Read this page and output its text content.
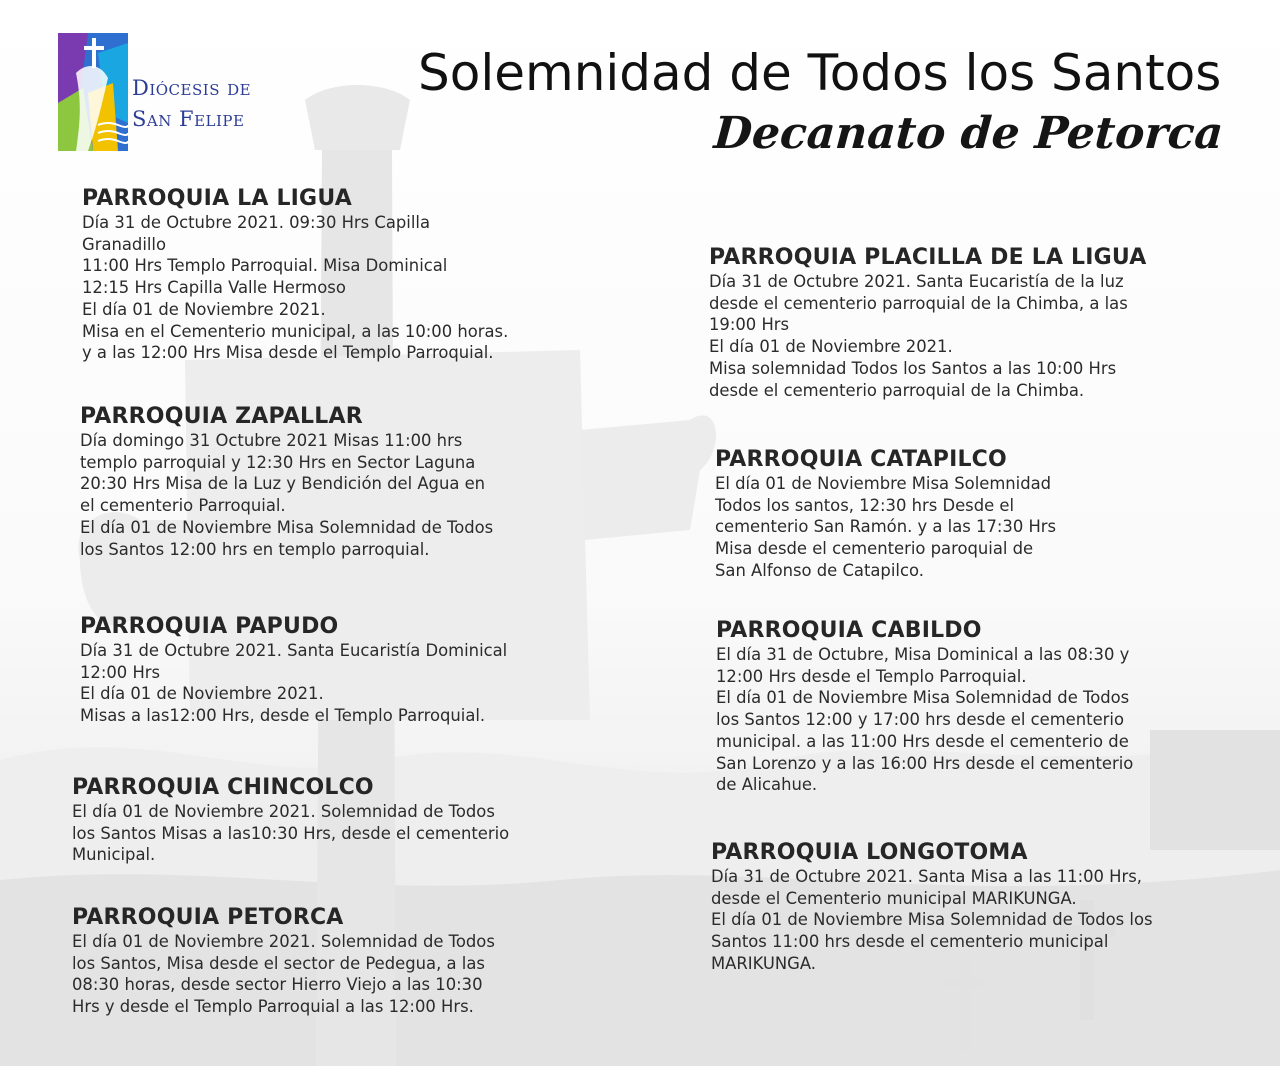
Diócesis de
San Felipe
Solemnidad de Todos los Santos
Decanato de Petorca
PARROQUIA LA LIGUA
Día 31 de Octubre 2021. 09:30 Hrs Capilla
Granadillo
11:00 Hrs Templo Parroquial. Misa Dominical
12:15 Hrs Capilla Valle Hermoso
El día 01 de Noviembre 2021.
Misa en el Cementerio municipal, a las 10:00 horas.
y a las 12:00 Hrs Misa desde el Templo Parroquial.
PARROQUIA ZAPALLAR
Día domingo 31 Octubre 2021 Misas 11:00 hrs
templo parroquial y 12:30 Hrs en Sector Laguna
20:30 Hrs Misa de la Luz y Bendición del Agua en
el cementerio Parroquial.
El día 01 de Noviembre Misa Solemnidad de Todos
los Santos 12:00 hrs en templo parroquial.
PARROQUIA PAPUDO
Día 31 de Octubre 2021. Santa Eucaristía Dominical
12:00 Hrs
El día 01 de Noviembre 2021.
Misas a las12:00 Hrs, desde el Templo Parroquial.
PARROQUIA CHINCOLCO
El día 01 de Noviembre 2021. Solemnidad de Todos
los Santos Misas a las10:30 Hrs, desde el cementerio
Municipal.
PARROQUIA PETORCA
El día 01 de Noviembre 2021. Solemnidad de Todos
los Santos, Misa desde el sector de Pedegua, a las
08:30 horas, desde sector Hierro Viejo a las 10:30
Hrs y desde el Templo Parroquial a las 12:00 Hrs.
PARROQUIA PLACILLA DE LA LIGUA
Día 31 de Octubre 2021. Santa Eucaristía de la luz
desde el cementerio parroquial de la Chimba, a las
19:00 Hrs
El día 01 de Noviembre 2021.
Misa solemnidad Todos los Santos a las 10:00 Hrs
desde el cementerio parroquial de la Chimba.
PARROQUIA CATAPILCO
El día 01 de Noviembre Misa Solemnidad
Todos los santos, 12:30 hrs Desde el
cementerio San Ramón. y a las 17:30 Hrs
Misa desde el cementerio paroquial de
San Alfonso de Catapilco.
PARROQUIA CABILDO
El día 31 de Octubre, Misa Dominical a las 08:30 y
12:00 Hrs desde el Templo Parroquial.
El día 01 de Noviembre Misa Solemnidad de Todos
los Santos 12:00 y 17:00 hrs desde el cementerio
municipal. a las 11:00 Hrs desde el cementerio de
San Lorenzo y a las 16:00 Hrs desde el cementerio
de Alicahue.
PARROQUIA LONGOTOMA
Día 31 de Octubre 2021. Santa Misa a las 11:00 Hrs,
desde el Cementerio municipal MARIKUNGA.
El día 01 de Noviembre Misa Solemnidad de Todos los
Santos 11:00 hrs desde el cementerio municipal
MARIKUNGA.
